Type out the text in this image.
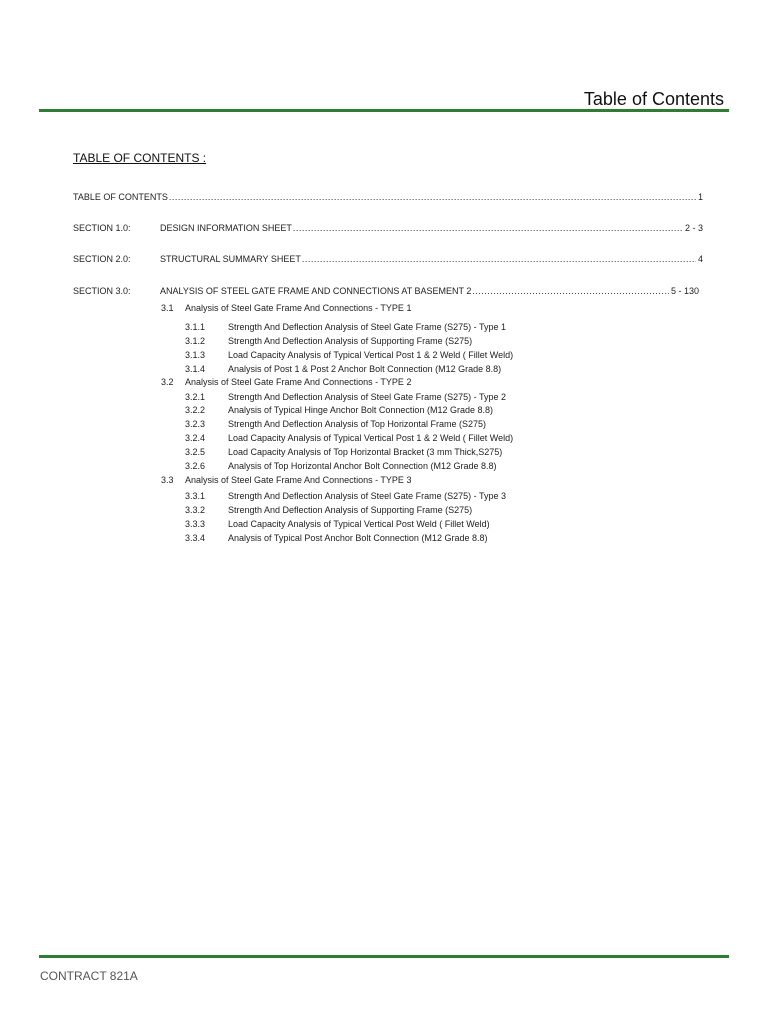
Table of Contents
TABLE OF CONTENTS :
TABLE OF CONTENTS .....	1
SECTION 1.0:	DESIGN INFORMATION SHEET .....	2 - 3
SECTION 2.0:	STRUCTURAL SUMMARY SHEET .....	4
SECTION 3.0:	ANALYSIS OF STEEL GATE FRAME AND CONNECTIONS AT BASEMENT 2 .....	5 - 130
3.1 Analysis of Steel Gate Frame And Connections - TYPE 1
3.1.1	Strength And Deflection Analysis of Steel Gate Frame (S275) - Type 1
3.1.2	Strength And Deflection Analysis of Supporting Frame (S275)
3.1.3	Load Capacity Analysis of Typical Vertical Post 1 & 2 Weld ( Fillet Weld)
3.1.4	Analysis of Post 1 & Post 2 Anchor Bolt Connection (M12 Grade 8.8)
3.2 Analysis of Steel Gate Frame And Connections - TYPE 2
3.2.1	Strength And Deflection Analysis of Steel Gate Frame (S275) - Type 2
3.2.2	Analysis of Typical Hinge Anchor Bolt Connection (M12 Grade 8.8)
3.2.3	Strength And Deflection Analysis of Top Horizontal Frame (S275)
3.2.4	Load Capacity Analysis of Typical Vertical Post 1 & 2 Weld ( Fillet Weld)
3.2.5	Load Capacity Analysis of Top Horizontal Bracket (3 mm Thick,S275)
3.2.6	Analysis of Top Horizontal Anchor Bolt Connection (M12 Grade 8.8)
3.3 Analysis of Steel Gate Frame And Connections - TYPE 3
3.3.1	Strength And Deflection Analysis of Steel Gate Frame (S275) - Type 3
3.3.2	Strength And Deflection Analysis of Supporting Frame (S275)
3.3.3	Load Capacity Analysis of Typical Vertical Post Weld ( Fillet Weld)
3.3.4	Analysis of Typical Post Anchor Bolt Connection (M12 Grade 8.8)
CONTRACT 821A
